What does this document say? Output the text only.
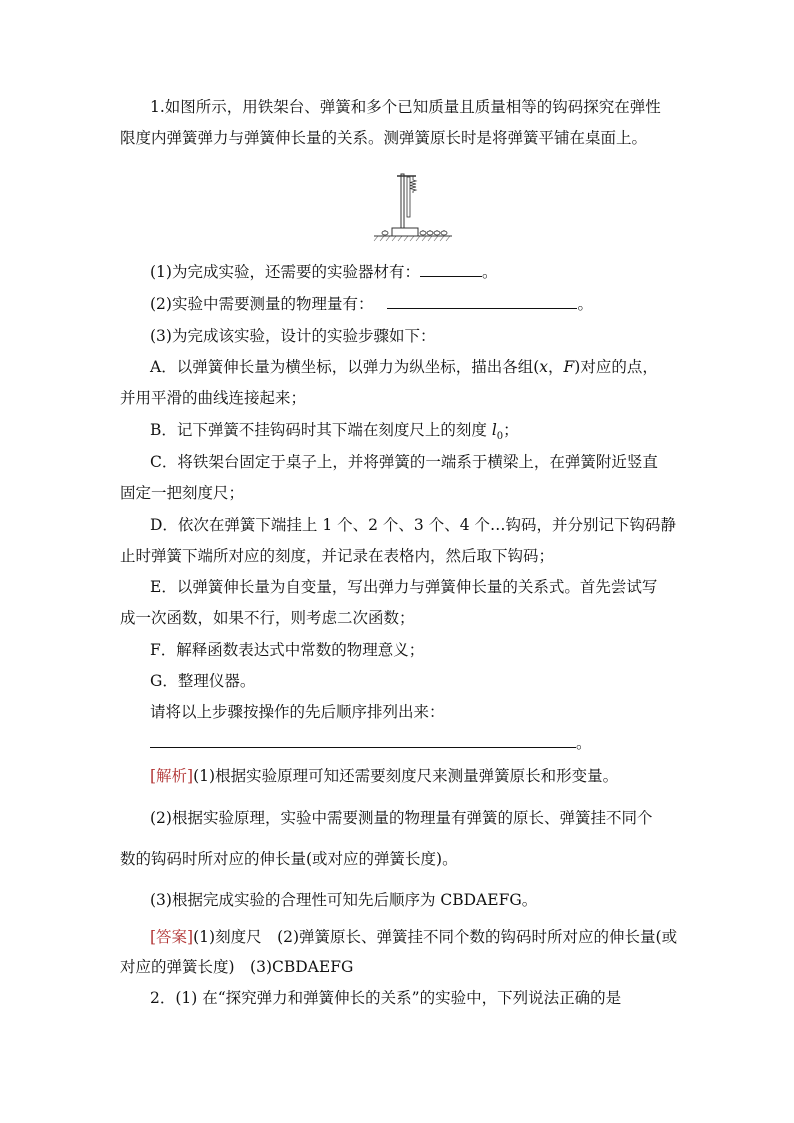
1.如图所示，用铁架台、弹簧和多个已知质量且质量相等的钩码探究在弹性
限度内弹簧弹力与弹簧伸长量的关系。测弹簧原长时是将弹簧平铺在桌面上。
(1)为完成实验，还需要的实验器材有：	。
(2)实验中需要测量的物理量有：	。
(3)为完成该实验，设计的实验步骤如下：
A．以弹簧伸长量为横坐标，以弹力为纵坐标，描出各组(x，F)对应的点，
并用平滑的曲线连接起来；
B．记下弹簧不挂钩码时其下端在刻度尺上的刻度 $l_0$；
C．将铁架台固定于桌子上，并将弹簧的一端系于横梁上，在弹簧附近竖直
固定一把刻度尺；
D．依次在弹簧下端挂上 1 个、2 个、3 个、4 个…钩码，并分别记下钩码静
止时弹簧下端所对应的刻度，并记录在表格内，然后取下钩码；
E．以弹簧伸长量为自变量，写出弹力与弹簧伸长量的关系式。首先尝试写
成一次函数，如果不行，则考虑二次函数；
F．解释函数表达式中常数的物理意义；
G．整理仪器。
请将以上步骤按操作的先后顺序排列出来：
。
[解析](1)根据实验原理可知还需要刻度尺来测量弹簧原长和形变量。
(2)根据实验原理，实验中需要测量的物理量有弹簧的原长、弹簧挂不同个
数的钩码时所对应的伸长量(或对应的弹簧长度)。
(3)根据完成实验的合理性可知先后顺序为 CBDAEFG。
[答案](1)刻度尺　(2)弹簧原长、弹簧挂不同个数的钩码时所对应的伸长量(或
对应的弹簧长度)　(3)CBDAEFG
2．(1) 在“探究弹力和弹簧伸长的关系”的实验中，下列说法正确的是
